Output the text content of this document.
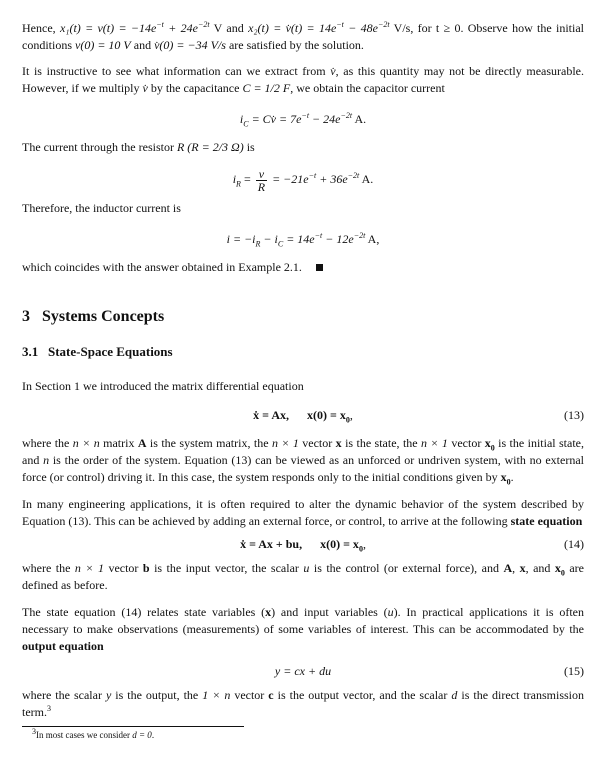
Hence, $x_1(t) = v(t) = -14e^{-t} + 24e^{-2t}$ V and x₂(t) = v̇(t) = $14e^{-t} - 48e^{-2t}$ V/s, for t ≥ 0. Observe how the initial conditions v(0) = 10 V and v̇(0) = −34 V/s are satisfied by the solution.

It is instructive to see what information can we extract from v̇, as this quantity may not be directly measurable. However, if we multiply v̇ by the capacitance C = 1/2 F, we obtain the capacitor current

$i_C$ = Cv̇ = $7e^{-t} - 24e^{-2t}$ A.

The current through the resistor R (R = 2/3 Ω) is

$i_R = \frac{v}{R} = -21e^{-t} + 36e^{-2t}$ A.

Therefore, the inductor current is

$i = -i_R - i_C = 14e^{-t} - 12e^{-2t}$ A,

which coincides with the answer obtained in Example 2.1.

3 Systems Concepts
3.1 State-Space Equations

In Section 1 we introduced the matrix differential equation

ẋ = Ax, $x(0) = x_0$,	(13)

where the n × n matrix A is the system matrix, the n × 1 vector x is the state, the n × 1 vector $x_0$ is the initial state, and n is the order of the system. Equation (13) can be viewed as an unforced or undriven system, with no external force (or control) driving it. In this case, the system responds only to the initial conditions given by $x_0$.

In many engineering applications, it is often required to alter the dynamic behavior of the system described by Equation (13). This can be achieved by adding an external force, or control, to arrive at the following state equation

ẋ = Ax + bu, $x(0) = x_0$,	(14)

where the n × 1 vector b is the input vector, the scalar u is the control (or external force), and A, x, and $x_0$ are defined as before.

The state equation (14) relates state variables (x) and input variables (u). In practical applications it is often necessary to make observations (measurements) of some variables of interest. This can be accommodated by the output equation

y = cx + du	(15)

where the scalar y is the output, the 1 × n vector c is the output vector, and the scalar d is the direct transmission term.$^3$

$^3$In most cases we consider d = 0.
